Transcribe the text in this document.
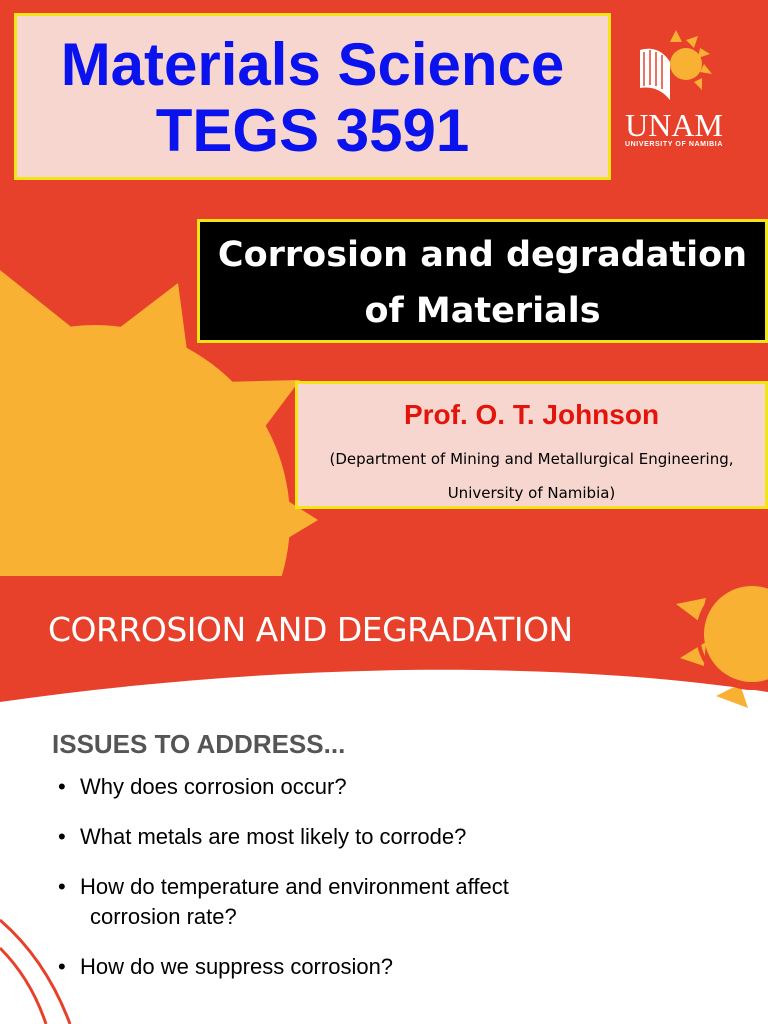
Materials Science
TEGS 3591	UNAM
UNIVERSITY OF NAMIBIA
Corrosion and degradation
of Materials
Prof. O. T. Johnson
(Department of Mining and Metallurgical Engineering,
University of Namibia)
CORROSION AND DEGRADATION
ISSUES TO ADDRESS...
• Why does corrosion occur?
• What metals are most likely to corrode?
• How do temperature and environment affect
corrosion rate?
• How do we suppress corrosion?
